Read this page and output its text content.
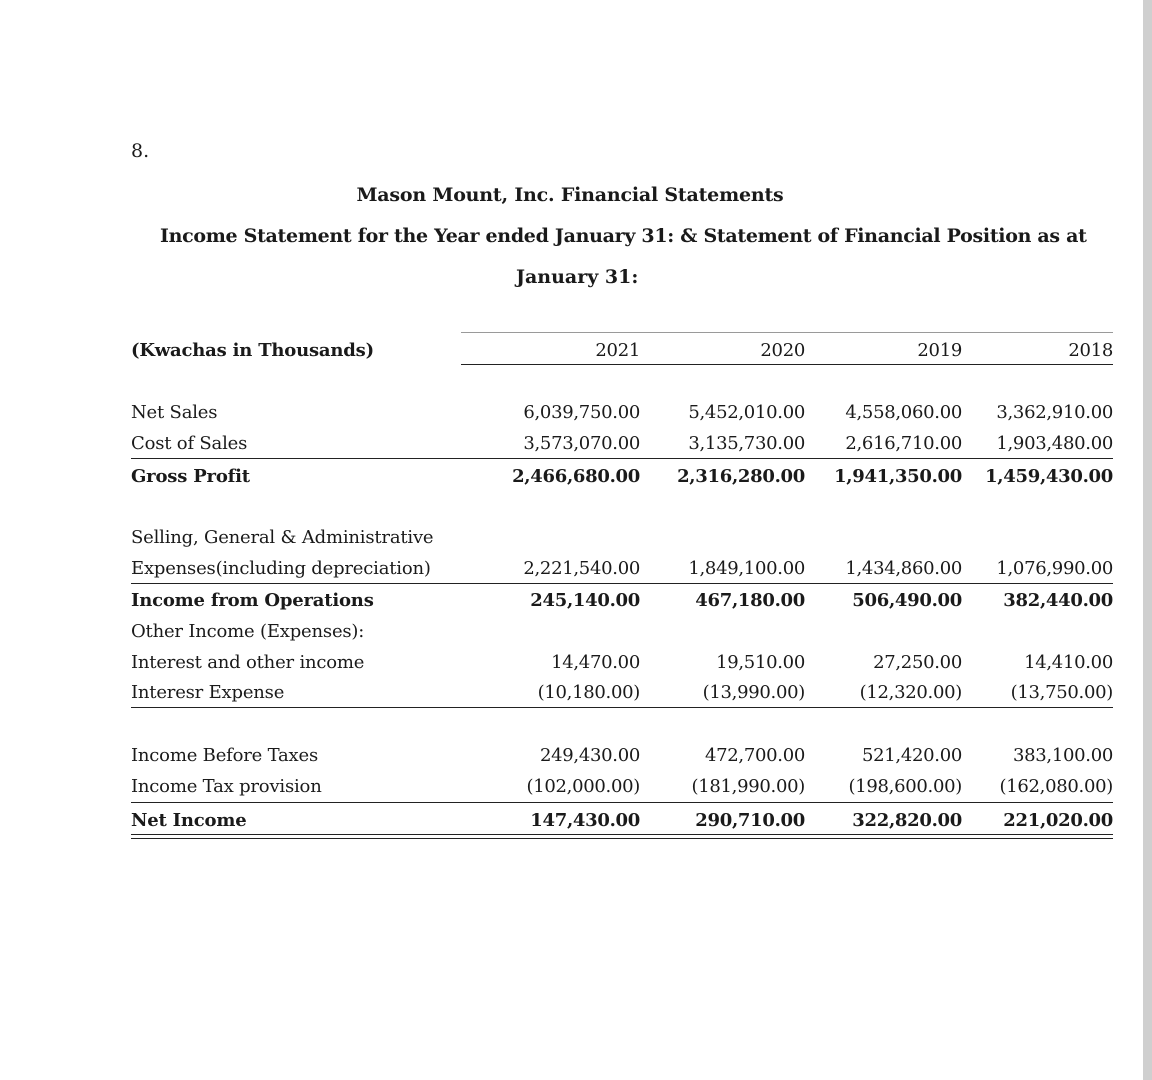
8.
Mason Mount, Inc. Financial Statements
Income Statement for the Year ended January 31: & Statement of Financial Position as at
January 31:
(Kwachas in Thousands)	2021	2020	2019	2018
Net Sales	6,039,750.00	5,452,010.00	4,558,060.00	3,362,910.00
Cost of Sales	3,573,070.00	3,135,730.00	2,616,710.00	1,903,480.00
Gross Profit	2,466,680.00	2,316,280.00	1,941,350.00	1,459,430.00
Selling, General & Administrative
Expenses(including depreciation)	2,221,540.00	1,849,100.00	1,434,860.00	1,076,990.00
Income from Operations	245,140.00	467,180.00	506,490.00	382,440.00
Other Income (Expenses):
Interest and other income	14,470.00	19,510.00	27,250.00	14,410.00
Interesr Expense	(10,180.00)	(13,990.00)	(12,320.00)	(13,750.00)
Income Before Taxes	249,430.00	472,700.00	521,420.00	383,100.00
Income Tax provision	(102,000.00)	(181,990.00)	(198,600.00)	(162,080.00)
Net Income	147,430.00	290,710.00	322,820.00	221,020.00
